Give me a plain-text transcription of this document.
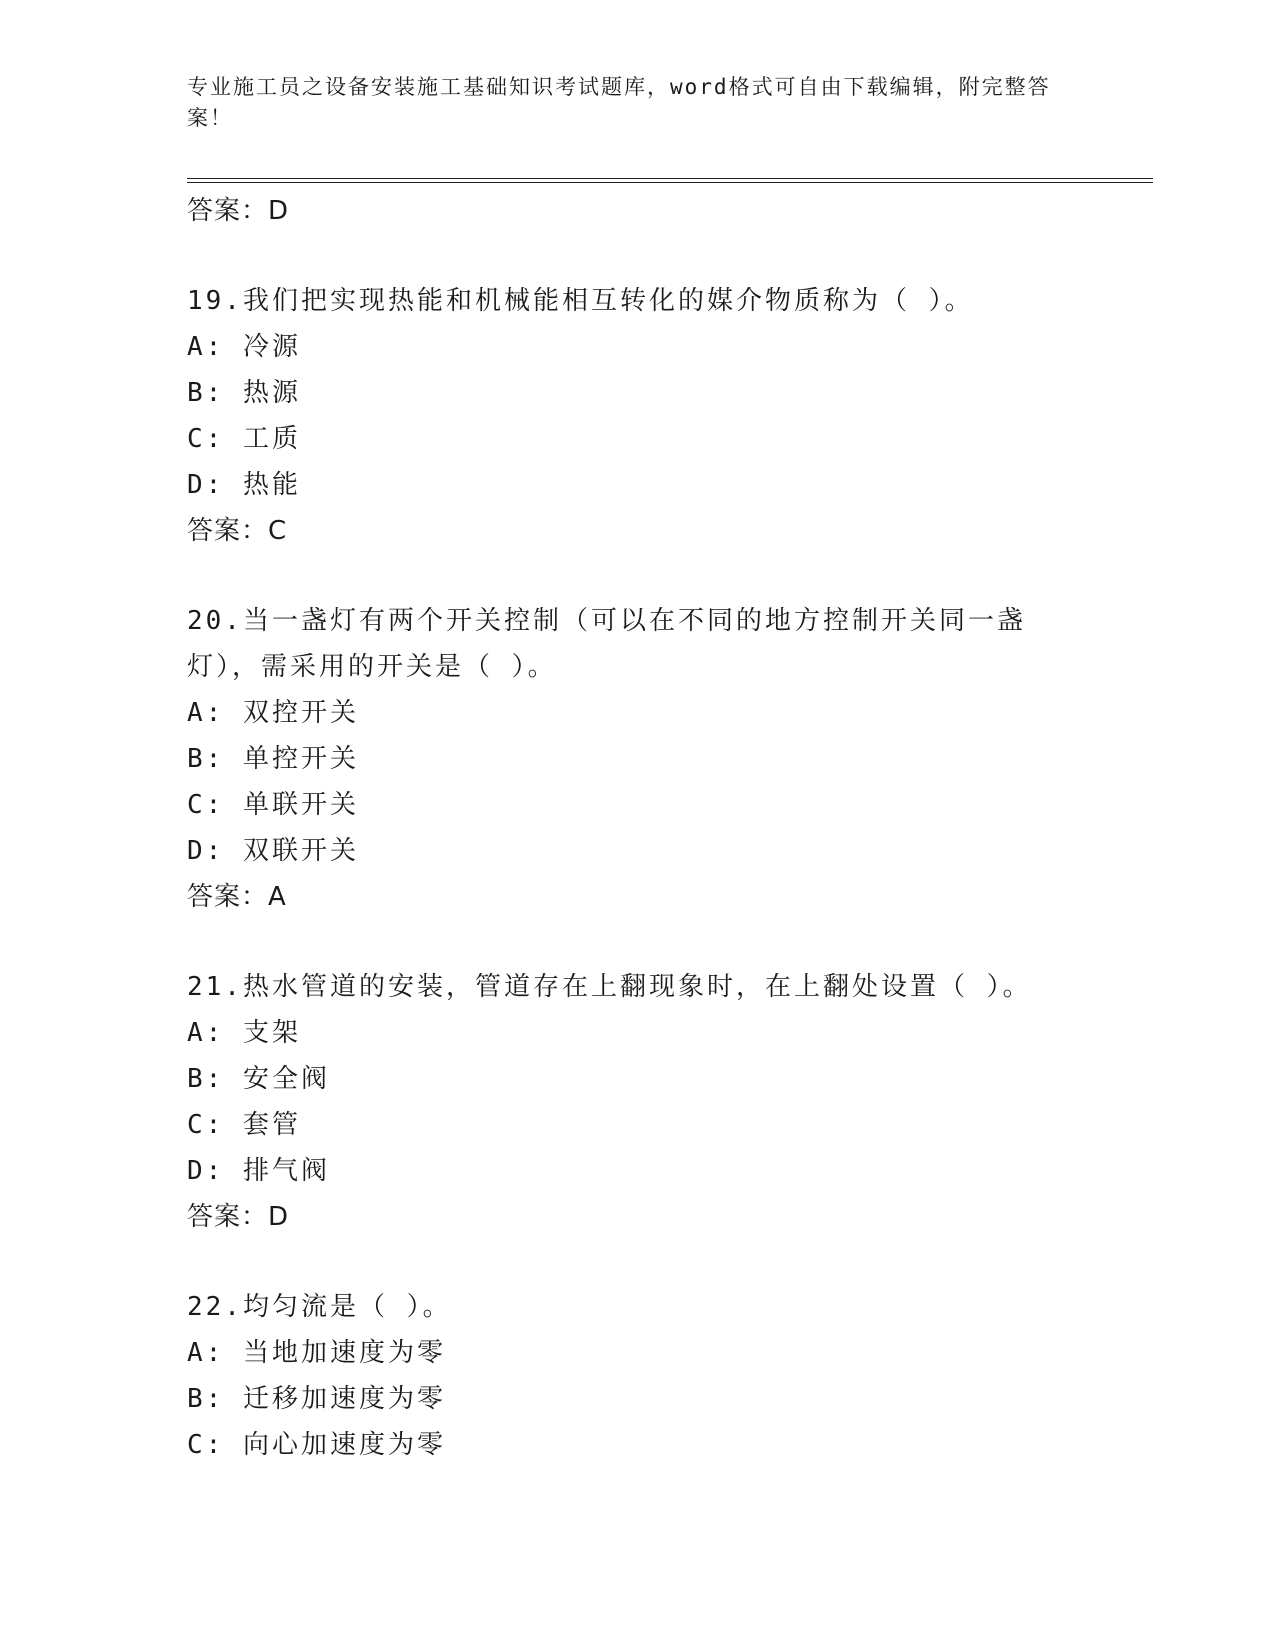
专业施工员之设备安装施工基础知识考试题库，word格式可自由下载编辑，附完整答案！
答案：D
19.我们把实现热能和机械能相互转化的媒介物质称为（ ）。
A: 冷源
B: 热源
C: 工质
D: 热能
答案：C
20.当一盏灯有两个开关控制（可以在不同的地方控制开关同一盏灯），需采用的开关是（ ）。
A: 双控开关
B: 单控开关
C: 单联开关
D: 双联开关
答案：A
21.热水管道的安装，管道存在上翻现象时，在上翻处设置（ ）。
A: 支架
B: 安全阀
C: 套管
D: 排气阀
答案：D
22.均匀流是（ ）。
A: 当地加速度为零
B: 迁移加速度为零
C: 向心加速度为零
